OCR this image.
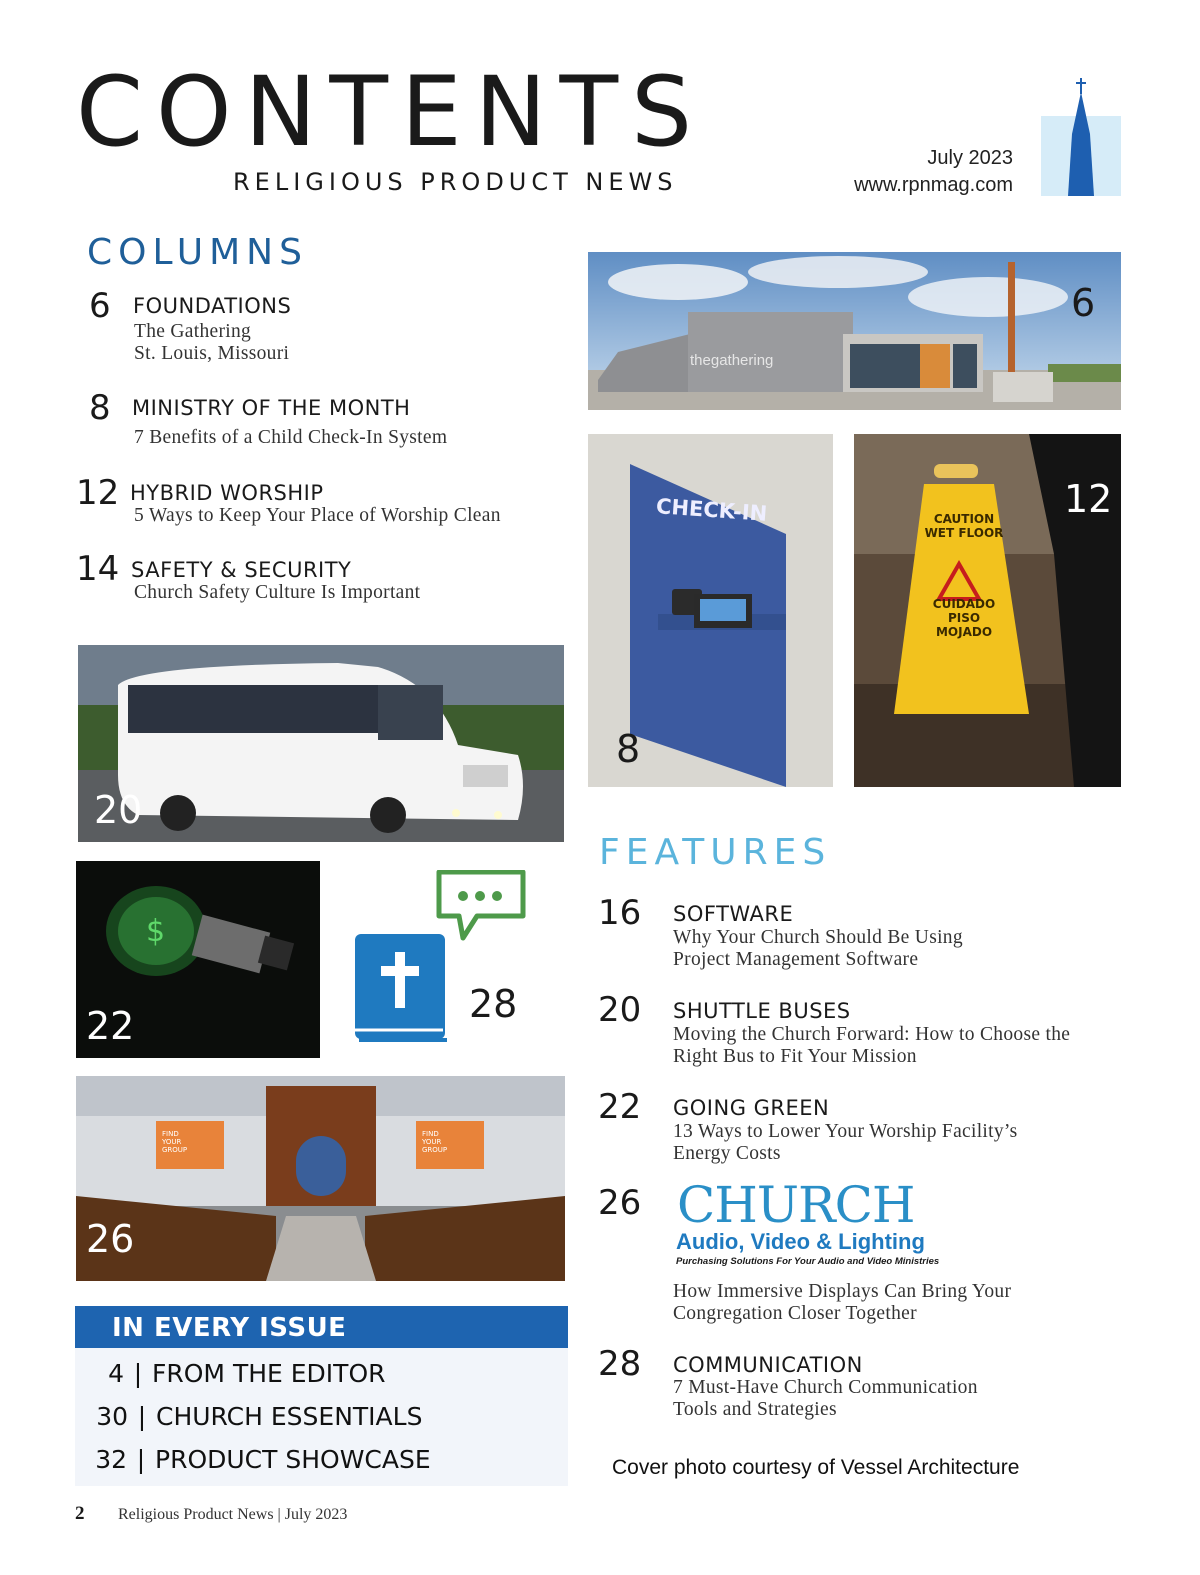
CONTENTS
RELIGIOUS PRODUCT NEWS
July 2023
www.rpnmag.com
COLUMNS
6 FOUNDATIONS
The Gathering
St. Louis, Missouri
8 MINISTRY OF THE MONTH
7 Benefits of a Child Check-In System
12 HYBRID WORSHIP
5 Ways to Keep Your Place of Worship Clean
14 SAFETY & SECURITY
Church Safety Culture Is Important
thegathering
6
CHECK-IN
8
CAUTION
WET FLOOR
CUIDADO
PISO
MOJADO
12
20
$
22	28
FIND
YOUR
GROUP
FIND
YOUR
GROUP
26
FEATURES
16 SOFTWARE
Why Your Church Should Be Using
Project Management Software
20 SHUTTLE BUSES
Moving the Church Forward: How to Choose the
Right Bus to Fit Your Mission
22 GOING GREEN
13 Ways to Lower Your Worship Facility’s
Energy Costs
26 CHURCH
Audio, Video & Lighting
Purchasing Solutions For Your Audio and Video Ministries
How Immersive Displays Can Bring Your
Congregation Closer Together
28 COMMUNICATION
7 Must-Have Church Communication
Tools and Strategies
IN EVERY ISSUE
4 | FROM THE EDITOR
30 | CHURCH ESSENTIALS
32 | PRODUCT SHOWCASE	Cover photo courtesy of Vessel Architecture
2 Religious Product News | July 2023
